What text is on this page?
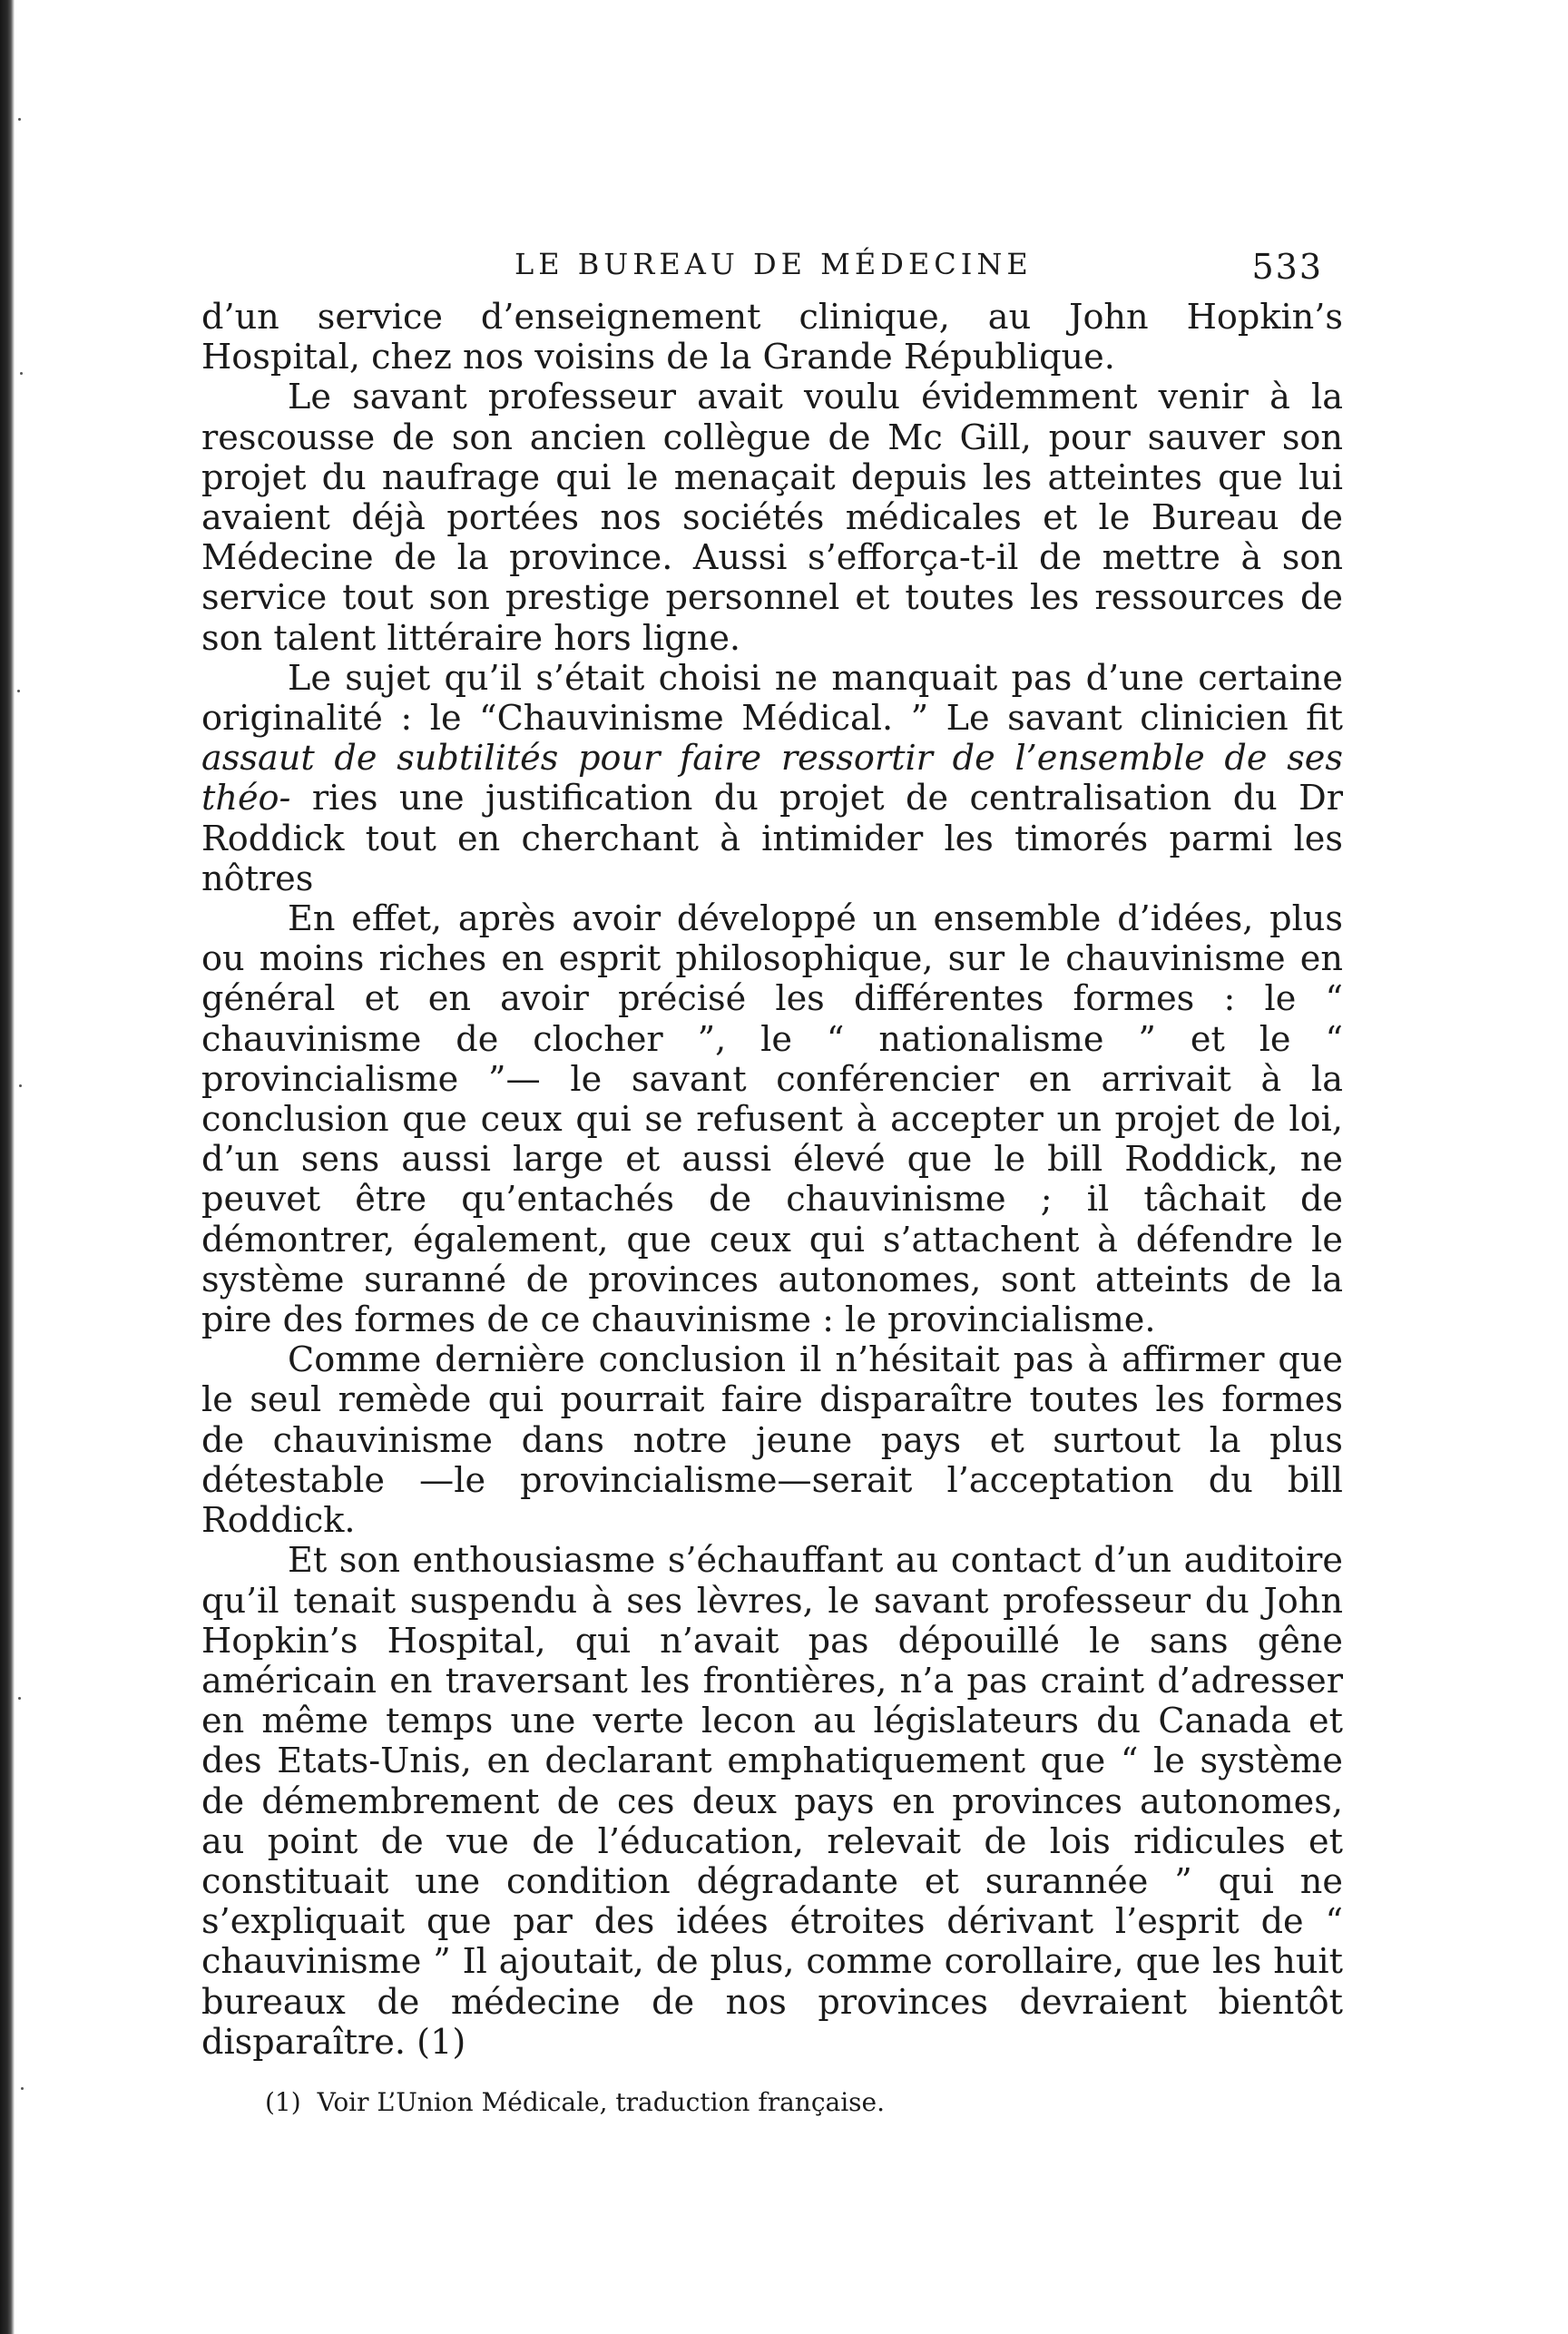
LE BUREAU DE MÉDECINE	533

d’un service d’enseignement clinique, au John Hopkin’s Hospital, chez nos voisins de la Grande République.

Le savant professeur avait voulu évidemment venir à la rescousse de son ancien collègue de Mc Gill, pour sauver son projet du naufrage qui le menaçait depuis les atteintes que lui avaient déjà portées nos sociétés médicales et le Bureau de Médecine de la province. Aussi s’efforça-t-il de mettre à son service tout son prestige personnel et toutes les ressources de son talent littéraire hors ligne.

Le sujet qu’il s’était choisi ne manquait pas d’une certaine originalité : le “Chauvinisme Médical. ” Le savant clinicien fit assaut de subtilités pour faire ressortir de l’ensemble de ses théo- ries une justification du projet de centralisation du Dr Roddick tout en cherchant à intimider les timorés parmi les nôtres

En effet, après avoir développé un ensemble d’idées, plus ou moins riches en esprit philosophique, sur le chauvinisme en général et en avoir précisé les différentes formes : le “ chauvinisme de clocher ”, le “ nationalisme ” et le “ provincialisme ”— le savant conférencier en arrivait à la conclusion que ceux qui se refusent à accepter un projet de loi, d’un sens aussi large et aussi élevé que le bill Roddick, ne peuvet être qu’entachés de chauvinisme ; il tâchait de démontrer, également, que ceux qui s’attachent à défendre le système suranné de provinces autonomes, sont atteints de la pire des formes de ce chauvinisme : le provincialisme.

Comme dernière conclusion il n’hésitait pas à affirmer que le seul remède qui pourrait faire disparaître toutes les formes de chauvinisme dans notre jeune pays et surtout la plus détestable —le provincialisme—serait l’acceptation du bill Roddick.

Et son enthousiasme s’échauffant au contact d’un auditoire qu’il tenait suspendu à ses lèvres, le savant professeur du John Hopkin’s Hospital, qui n’avait pas dépouillé le sans gêne américain en traversant les frontières, n’a pas craint d’adresser en même temps une verte lecon au législateurs du Canada et des Etats-Unis, en declarant emphatiquement que “ le système de démembrement de ces deux pays en provinces autonomes, au point de vue de l’éducation, relevait de lois ridicules et constituait une condition dégradante et surannée ” qui ne s’expliquait que par des idées étroites dérivant l’esprit de “ chauvinisme ” Il ajoutait, de plus, comme corollaire, que les huit bureaux de médecine de nos provinces devraient bientôt disparaître. (1)

(1) Voir L’Union Médicale, traduction française.
